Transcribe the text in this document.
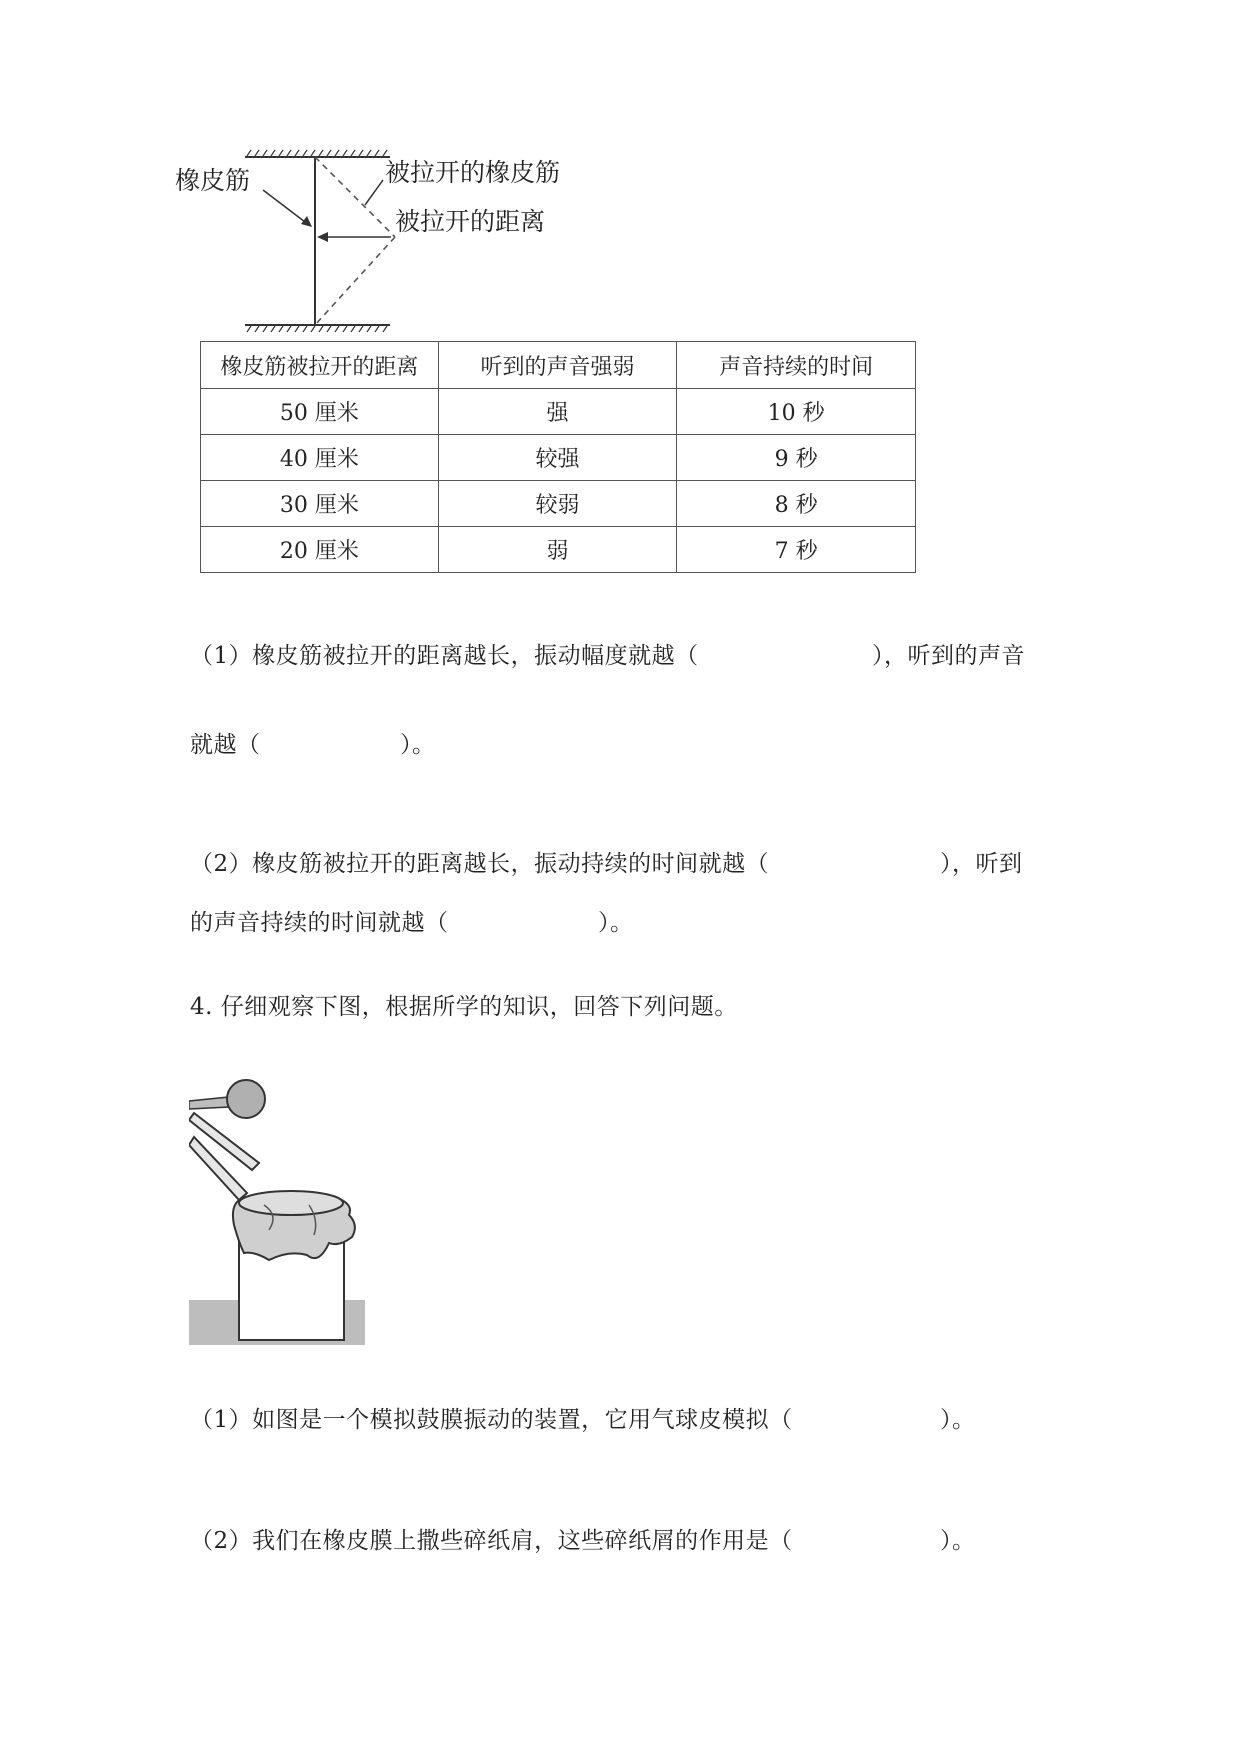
橡皮筋	被拉开的橡皮筋
被拉开的距离
橡皮筋被拉开的距离	听到的声音强弱	声音持续的时间
50 厘米	强	10 秒
40 厘米	较强	9 秒
30 厘米	较弱	8 秒
20 厘米	弱	7 秒
（1）橡皮筋被拉开的距离越长，振动幅度就越（	），听到的声音
就越（	）。
（2）橡皮筋被拉开的距离越长，振动持续的时间就越（	），听到
的声音持续的时间就越（	）。
4. 仔细观察下图，根据所学的知识，回答下列问题。
（1）如图是一个模拟鼓膜振动的装置，它用气球皮模拟（	）。
（2）我们在橡皮膜上撒些碎纸肩，这些碎纸屑的作用是（	）。
